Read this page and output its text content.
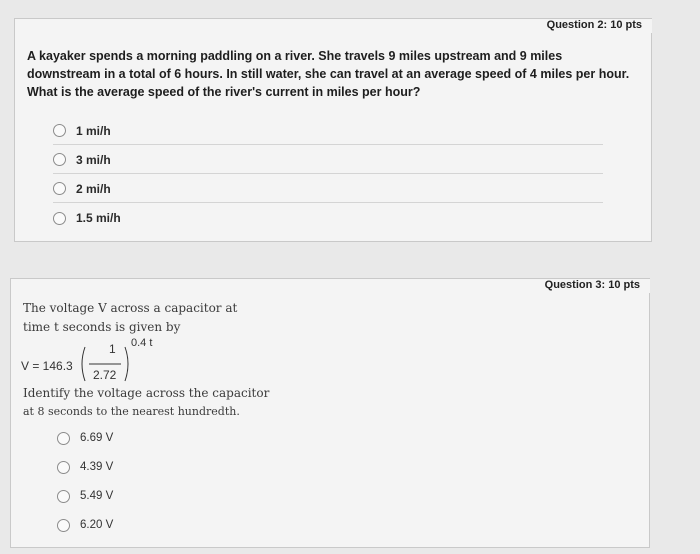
Question 2: 10 pts
A kayaker spends a morning paddling on a river. She travels 9 miles upstream and 9 miles downstream in a total of 6 hours. In still water, she can travel at an average speed of 4 miles per hour. What is the average speed of the river's current in miles per hour?
1 mi/h
3 mi/h
2 mi/h
1.5 mi/h
Question 3: 10 pts
The voltage V across a capacitor at
time t seconds is given by
V = 146.3
1
2.72
0.4 t
Identify the voltage across the capacitor
at 8 seconds to the nearest hundredth.
6.69 V
4.39 V
5.49 V
6.20 V
